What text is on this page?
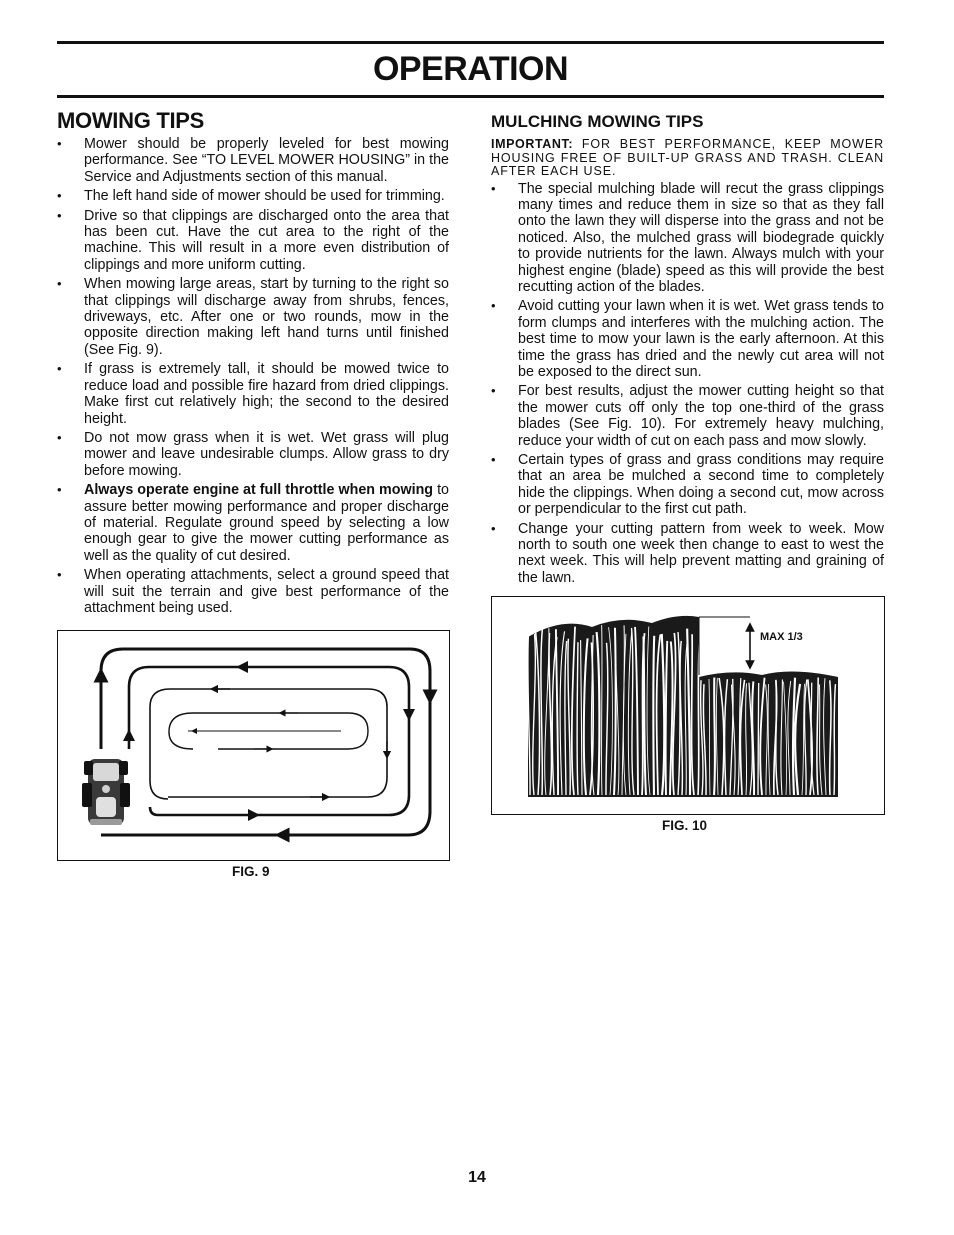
OPERATION
MOWING TIPS
•	Mower should be properly leveled for best mowing performance. See “TO LEVEL MOWER HOUSING” in the Service and Adjustments section of this manual.
•	The left hand side of mower should be used for trimming.
•	Drive so that clippings are discharged onto the area that has been cut. Have the cut area to the right of the machine. This will result in a more even distribution of clippings and more uniform cutting.
•	When mowing large areas, start by turning to the right so that clippings will discharge away from shrubs, fences, driveways, etc. After one or two rounds, mow in the opposite direction making left hand turns until finished (See Fig. 9).
•	If grass is extremely tall, it should be mowed twice to reduce load and possible fire hazard from dried clippings. Make first cut relatively high; the second to the desired height.
•	Do not mow grass when it is wet. Wet grass will plug mower and leave undesirable clumps. Allow grass to dry before mowing.
•	Always operate engine at full throttle when mowing to assure better mowing performance and proper discharge of material. Regulate ground speed by selecting a low enough gear to give the mower cutting performance as well as the quality of cut desired.
•	When operating attachments, select a ground speed that will suit the terrain and give best performance of the attachment being used.
MULCHING MOWING TIPS

IMPORTANT: FOR BEST PERFORMANCE, KEEP MOWER HOUSING FREE OF BUILT-UP GRASS AND TRASH. CLEAN AFTER EACH USE.

•	The special mulching blade will recut the grass clippings many times and reduce them in size so that as they fall onto the lawn they will disperse into the grass and not be noticed. Also, the mulched grass will biodegrade quickly to provide nutrients for the lawn. Always mulch with your highest engine (blade) speed as this will provide the best recutting action of the blades.
•	Avoid cutting your lawn when it is wet. Wet grass tends to form clumps and interferes with the mulching action. The best time to mow your lawn is the early afternoon. At this time the grass has dried and the newly cut area will not be exposed to the direct sun.
•	For best results, adjust the mower cutting height so that the mower cuts off only the top one-third of the grass blades (See Fig. 10). For extremely heavy mulching, reduce your width of cut on each pass and mow slowly.
•	Certain types of grass and grass conditions may require that an area be mulched a second time to completely hide the clippings. When doing a second cut, mow across or perpendicular to the first cut path.
•	Change your cutting pattern from week to week. Mow north to south one week then change to east to west the next week. This will help prevent matting and graining of the lawn.
FIG. 9
MAX 1/3
FIG. 10
14
